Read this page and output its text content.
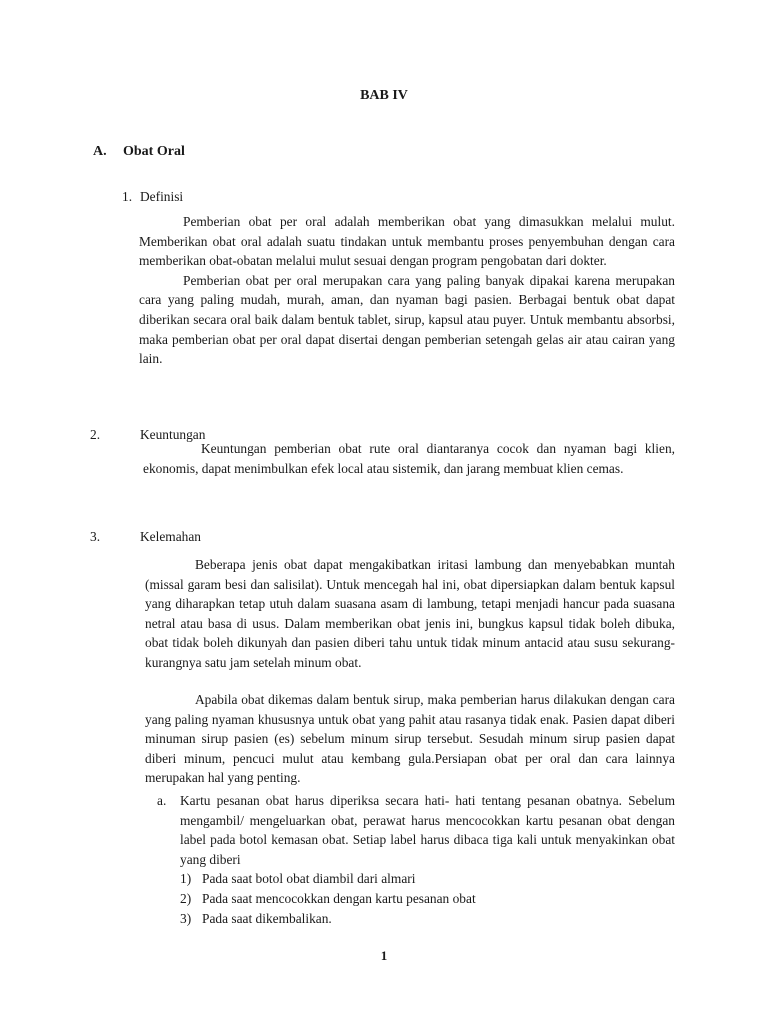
BAB IV
A. Obat Oral
1. Definisi

Pemberian obat per oral adalah memberikan obat yang dimasukkan melalui mulut. Memberikan obat oral adalah suatu tindakan untuk membantu proses penyembuhan dengan cara memberikan obat-obatan melalui mulut sesuai dengan program pengobatan dari dokter.

Pemberian obat per oral merupakan cara yang paling banyak dipakai karena merupakan cara yang paling mudah, murah, aman, dan nyaman bagi pasien. Berbagai bentuk obat dapat diberikan secara oral baik dalam bentuk tablet, sirup, kapsul atau puyer. Untuk membantu absorbsi, maka pemberian obat per oral dapat disertai dengan pemberian setengah gelas air atau cairan yang lain.

2.	Keuntungan

Keuntungan pemberian obat rute oral diantaranya cocok dan nyaman bagi klien, ekonomis, dapat menimbulkan efek local atau sistemik, dan jarang membuat klien cemas.

3.	Kelemahan

Beberapa jenis obat dapat mengakibatkan iritasi lambung dan menyebabkan muntah (missal garam besi dan salisilat). Untuk mencegah hal ini, obat dipersiapkan dalam bentuk kapsul yang diharapkan tetap utuh dalam suasana asam di lambung, tetapi menjadi hancur pada suasana netral atau basa di usus. Dalam memberikan obat jenis ini, bungkus kapsul tidak boleh dibuka, obat tidak boleh dikunyah dan pasien diberi tahu untuk tidak minum antacid atau susu sekurang- kurangnya satu jam setelah minum obat.

Apabila obat dikemas dalam bentuk sirup, maka pemberian harus dilakukan dengan cara yang paling nyaman khususnya untuk obat yang pahit atau rasanya tidak enak. Pasien dapat diberi minuman sirup pasien (es) sebelum minum sirup tersebut. Sesudah minum sirup pasien dapat diberi minum, pencuci mulut atau kembang gula.Persiapan obat per oral dan cara lainnya merupakan hal yang penting.

a. Kartu pesanan obat harus diperiksa secara hati- hati tentang pesanan obatnya. Sebelum mengambil/ mengeluarkan obat, perawat harus mencocokkan kartu pesanan obat dengan label pada botol kemasan obat. Setiap label harus dibaca tiga kali untuk menyakinkan obat yang diberi

1) Pada saat botol obat diambil dari almari
2) Pada saat mencocokkan dengan kartu pesanan obat
3) Pada saat dikembalikan.
1
